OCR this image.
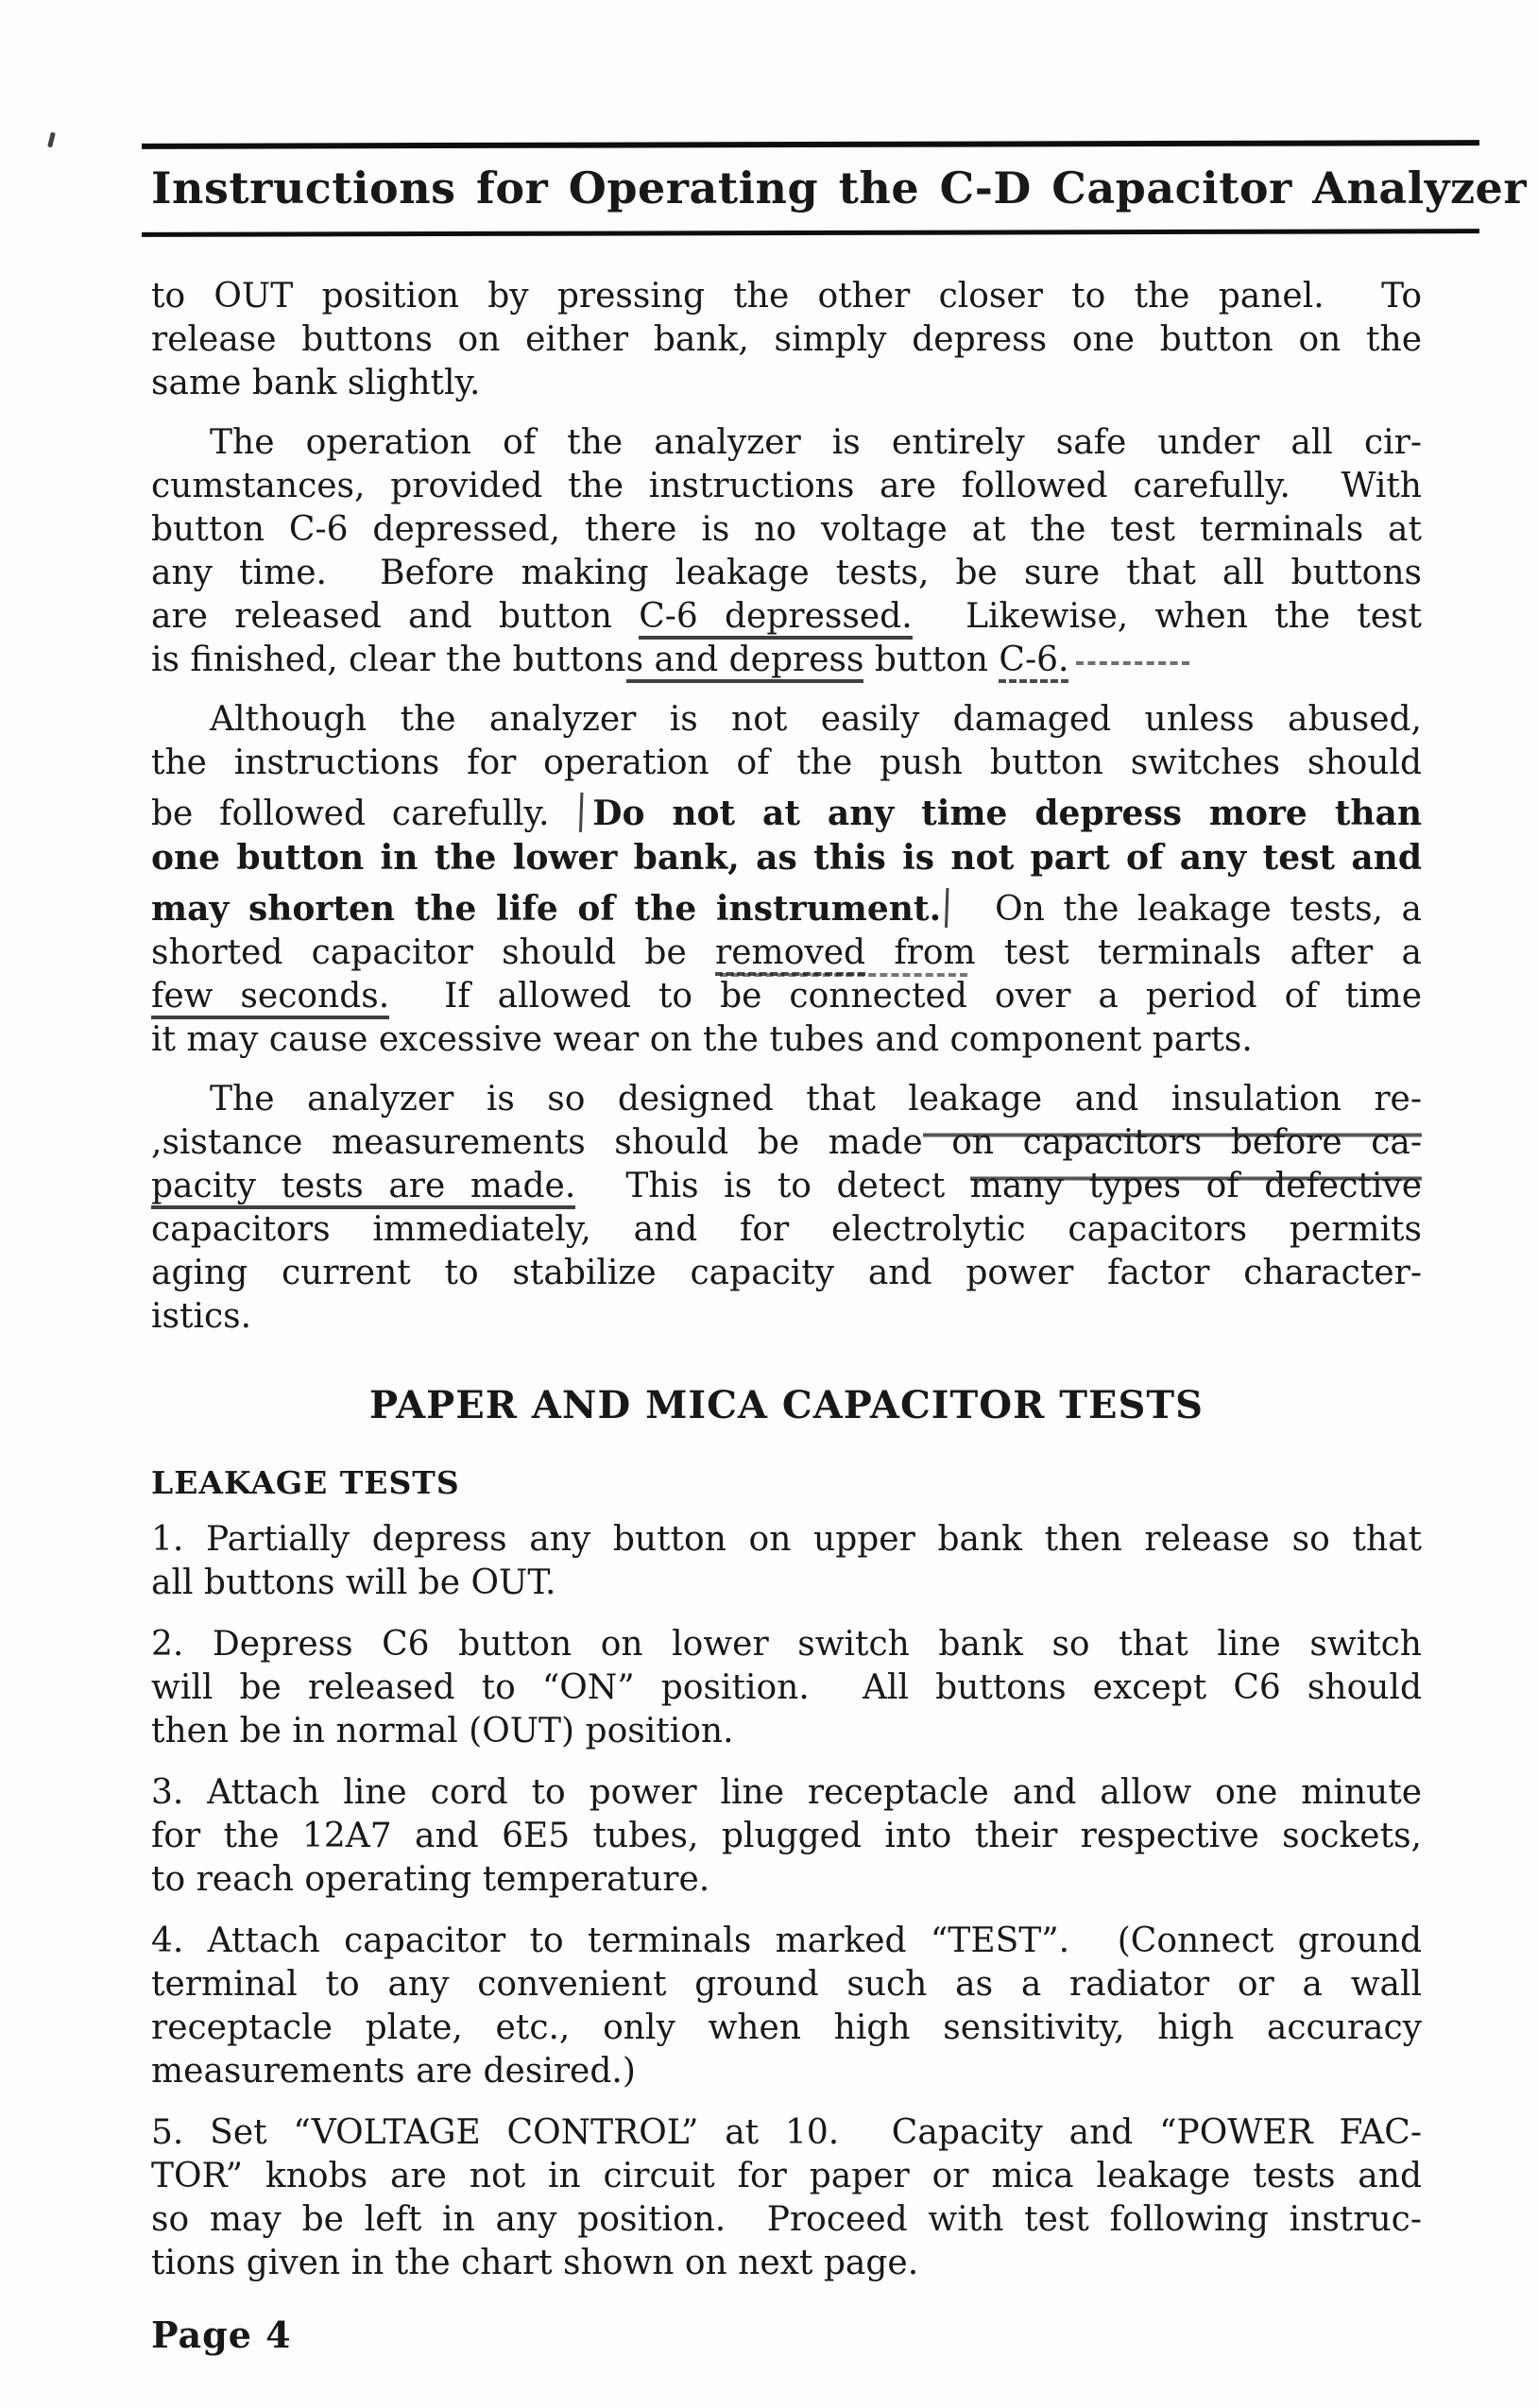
Instructions for Operating the C-D Capacitor Analyzer
to OUT position by pressing the other closer to the panel.  To
release buttons on either bank, simply depress one button on the
same bank slightly.
The operation of the analyzer is entirely safe under all cir-
cumstances, provided the instructions are followed carefully.  With
button C-6 depressed, there is no voltage at the test terminals at
any time.  Before making leakage tests, be sure that all buttons
are released and button C-6 depressed.  Likewise, when the test
is finished, clear the buttons and depress button C-6.
Although the analyzer is not easily damaged unless abused,
the instructions for operation of the push button switches should
be followed carefully. Do not at any time depress more than
one button in the lower bank, as this is not part of any test and
may shorten the life of the instrument.  On the leakage tests, a
shorted capacitor should be removed from test terminals after a
few seconds.  If allowed to be connected over a period of time
it may cause excessive wear on the tubes and component parts.
The analyzer is so designed that leakage and insulation re-
,sistance measurements should be made on capacitors before ca-
pacity tests are made.  This is to detect many types of defective
capacitors immediately, and for electrolytic capacitors permits
aging current to stabilize capacity and power factor character-
istics.
PAPER AND MICA CAPACITOR TESTS
LEAKAGE TESTS
1. Partially depress any button on upper bank then release so that
all buttons will be OUT.
2. Depress C6 button on lower switch bank so that line switch
will be released to “ON” position.  All buttons except C6 should
then be in normal (OUT) position.
3. Attach line cord to power line receptacle and allow one minute
for the 12A7 and 6E5 tubes, plugged into their respective sockets,
to reach operating temperature.
4. Attach capacitor to terminals marked “TEST”.  (Connect ground
terminal to any convenient ground such as a radiator or a wall
receptacle plate, etc., only when high sensitivity, high accuracy
measurements are desired.)
5. Set “VOLTAGE CONTROL” at 10.  Capacity and “POWER FAC-
TOR” knobs are not in circuit for paper or mica leakage tests and
so may be left in any position.  Proceed with test following instruc-
tions given in the chart shown on next page.
Page 4
